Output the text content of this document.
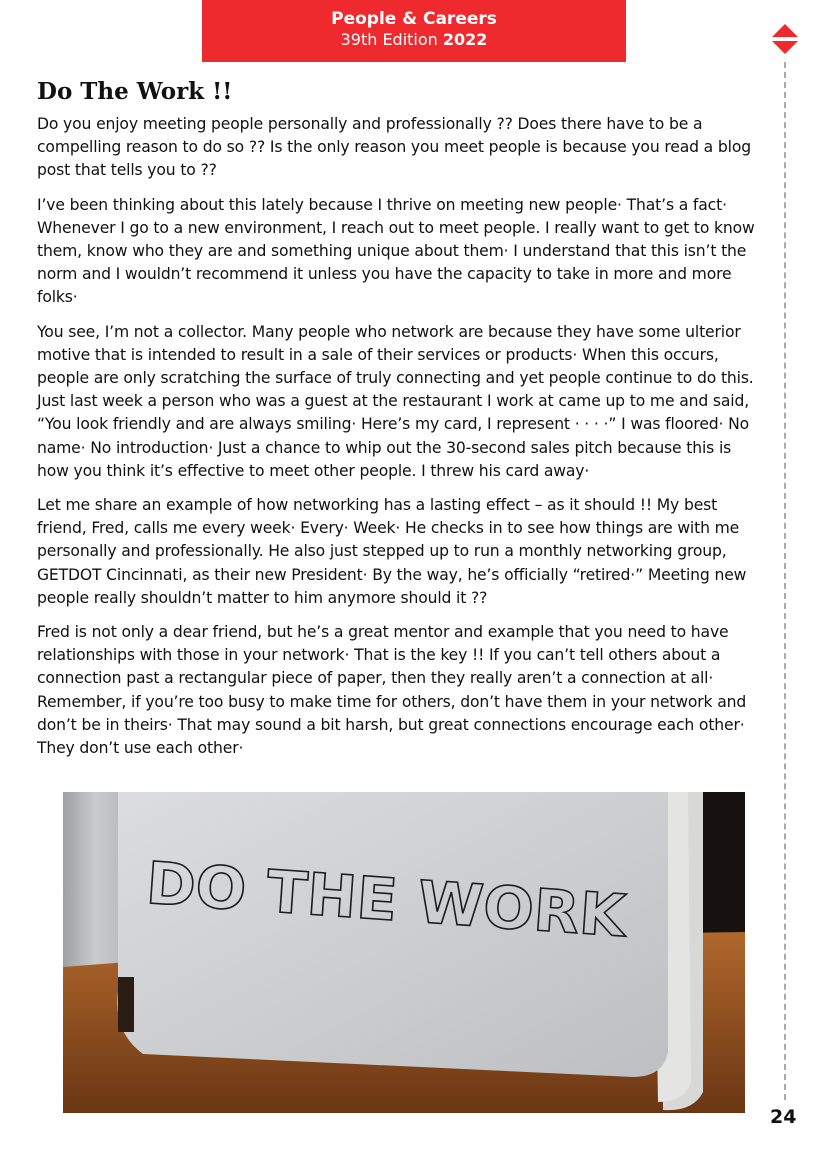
People & Careers
39th Edition 2022
Do The Work !!

Do you enjoy meeting people personally and professionally ?? Does there have to be a compelling reason to do so ?? Is the only reason you meet people is because you read a blog post that tells you to ??

I’ve been thinking about this lately because I thrive on meeting new people· That’s a fact· Whenever I go to a new environment, I reach out to meet people. I really want to get to know them, know who they are and something unique about them· I understand that this isn’t the norm and I wouldn’t recommend it unless you have the capacity to take in more and more folks·

You see, I’m not a collector. Many people who network are because they have some ulterior motive that is intended to result in a sale of their services or products· When this occurs, people are only scratching the surface of truly connecting and yet people continue to do this. Just last week a person who was a guest at the restaurant I work at came up to me and said, “You look friendly and are always smiling· Here’s my card, I represent · · · ·” I was floored· No name· No introduction· Just a chance to whip out the 30-second sales pitch because this is how you think it’s effective to meet other people. I threw his card away·

Let me share an example of how networking has a lasting effect – as it should !! My best friend, Fred, calls me every week· Every· Week· He checks in to see how things are with me personally and professionally. He also just stepped up to run a monthly networking group, GETDOT Cincinnati, as their new President· By the way, he’s officially “retired·” Meeting new people really shouldn’t matter to him anymore should it ??

Fred is not only a dear friend, but he’s a great mentor and example that you need to have relationships with those in your network· That is the key !! If you can’t tell others about a connection past a rectangular piece of paper, then they really aren’t a connection at all· Remember, if you’re too busy to make time for others, don’t have them in your network and don’t be in theirs· That may sound a bit harsh, but great connections encourage each other· They don’t use each other·

DO THE WORK
24
